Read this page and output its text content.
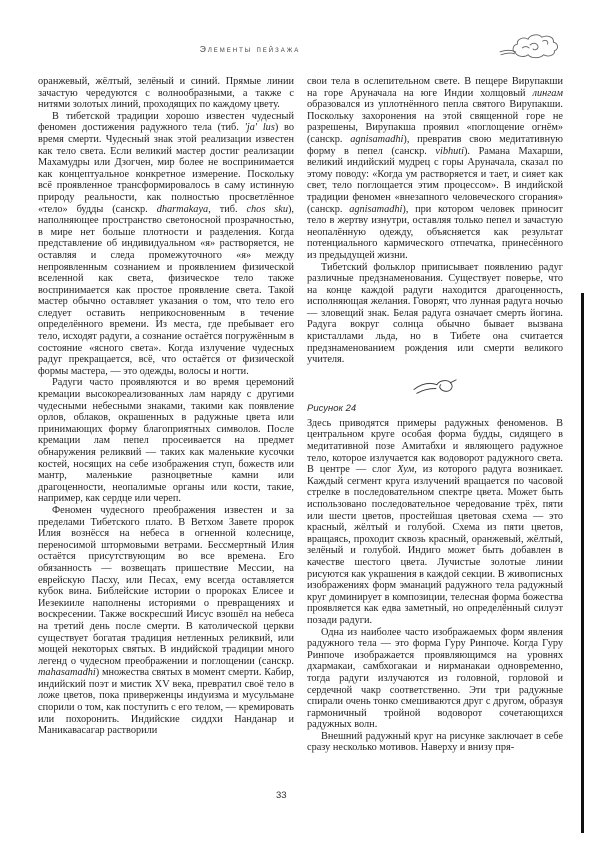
Элементы пейзажа

оранжевый, жёлтый, зелёный и синий. Прямые линии зачастую чередуются с волнообразными, а также с нитями золотых линий, проходящих по каждому цвету.

В тибетской традиции хорошо известен чудесный феномен достижения радужного тела (тиб. 'ja' lus) во время смерти. Чудесный знак этой реализации известен как тело света. Если великий мастер достиг реализации Махамудры или Дзогчен, мир более не воспринимается как концептуальное конкретное измерение. Поскольку всё проявленное трансформировалось в саму истинную природу реальности, как полностью просветлённое «тело» будды (санскр. dharmakaya, тиб. chos sku), наполняющее пространство светоносной прозрачностью, в мире нет больше плотности и разделения. Когда представление об индивидуальном «я» растворяется, не оставляя и следа промежуточного «я» между непроявленным сознанием и проявлением физической вселенной как света, физическое тело также воспринимается как простое проявление света. Такой мастер обычно оставляет указания о том, что тело его следует оставить неприкосновенным в течение определённого времени. Из места, где пребывает его тело, исходят радуги, а сознание остаётся погружённым в состояние «ясного света». Когда излучение чудесных радуг прекращается, всё, что остаётся от физической формы мастера, — это одежды, волосы и ногти.

Радуги часто проявляются и во время церемоний кремации высокореализованных лам наряду с другими чудесными небесными знаками, такими как появление орлов, облаков, окрашенных в радужные цвета или принимающих форму благоприятных символов. После кремации лам пепел просеивается на предмет обнаружения реликвий — таких как маленькие кусочки костей, носящих на себе изображения ступ, божеств или мантр, маленькие разноцветные камни или драгоценности, неопалимые органы или кости, такие, например, как сердце или череп.

Феномен чудесного преображения известен и за пределами Тибетского плато. В Ветхом Завете пророк Илия вознёсся на небеса в огненной колеснице, переносимой штормовыми ветрами. Бессмертный Илия остаётся присутствующим во все времена. Его обязанность — возвещать пришествие Мессии, на еврейскую Пасху, или Песах, ему всегда оставляется кубок вина. Библейские истории о пророках Елисее и Иезекииле наполнены историями о превращениях и воскресении. Также воскресший Иисус взошёл на небеса на третий день после смерти. В католической церкви существует богатая традиция нетленных реликвий, или мощей некоторых святых. В индийской традиции много легенд о чудесном преображении и поглощении (санскр. mahasamadhi) множества святых в момент смерти. Кабир, индийский поэт и мистик XV века, превратил своё тело в ложе цветов, пока приверженцы индуизма и мусульмане спорили о том, как поступить с его телом, — кремировать или похоронить. Индийские сиддхи Нанданар и Маникавасагар растворили

свои тела в ослепительном свете. В пещере Вирупакши на горе Аруначала на юге Индии холщовый лингам образовался из уплотнённого пепла святого Вирупакши. Поскольку захоронения на этой священной горе не разрешены, Вирупакша проявил «поглощение огнём» (санскр. agnisamadhi), превратив свою медитативную форму в пепел (санскр. vibhuti). Рамана Махарши, великий индийский мудрец с горы Аруначала, сказал по этому поводу: «Когда ум растворяется и тает, и сияет как свет, тело поглощается этим процессом». В индийской традиции феномен «внезапного человеческого сгорания» (санскр. agnisamadhi), при котором человек приносит тело в жертву изнутри, оставляя только пепел и зачастую неопалённую одежду, объясняется как результат потенциального кармического отпечатка, принесённого из предыдущей жизни.

Тибетский фольклор приписывает появлению радуг различные предзнаменования. Существует поверье, что на конце каждой радуги находится драгоценность, исполняющая желания. Говорят, что лунная радуга ночью — зловещий знак. Белая радуга означает смерть йогина. Радуга вокруг солнца обычно бывает вызвана кристаллами льда, но в Тибете она считается предзнаменованием рождения или смерти великого учителя.

Рисунок 24

Здесь приводятся примеры радужных феноменов. В центральном круге особая форма будды, сидящего в медитативной позе Амитабхи и являющего радужное тело, которое излучается как водоворот радужного света. В центре — слог Хум, из которого радуга возникает. Каждый сегмент круга излучений вращается по часовой стрелке в последовательном спектре цвета. Может быть использовано последовательное чередование трёх, пяти или шести цветов, простейшая цветовая схема — это красный, жёлтый и голубой. Схема из пяти цветов, вращаясь, проходит сквозь красный, оранжевый, жёлтый, зелёный и голубой. Индиго может быть добавлен в качестве шестого цвета. Лучистые золотые линии рисуются как украшения в каждой секции. В живописных изображениях форм эманаций радужного тела радужный круг доминирует в композиции, телесная форма божества проявляется как едва заметный, но определённый силуэт позади радуги.

Одна из наиболее часто изображаемых форм явления радужного тела — это форма Гуру Ринпоче. Когда Гуру Ринпоче изображается проявляющимся на уровнях дхармакаи, самбхогакаи и нирманакаи одновременно, тогда радуги излучаются из головной, горловой и сердечной чакр соответственно. Эти три радужные спирали очень тонко смешиваются друг с другом, образуя гармоничный тройной водоворот сочетающихся радужных волн.

Внешний радужный круг на рисунке заключает в себе сразу несколько мотивов. Наверху и внизу пря-

33
